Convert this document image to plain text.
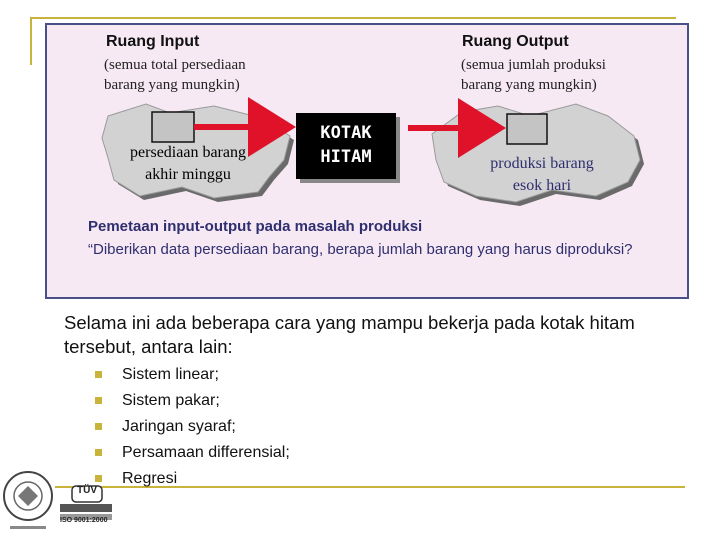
Ruang Input
(semua total persediaan
barang yang mungkin)
Ruang Output
(semua jumlah produksi
barang yang mungkin)
persediaan barang
akhir minggu
KOTAK
HITAM	produksi barang
esok hari
Pemetaan input-output pada masalah produksi
“Diberikan data persediaan barang, berapa jumlah barang yang harus diproduksi?
Selama ini ada beberapa cara yang mampu bekerja pada kotak hitam tersebut, antara lain:
Sistem linear;
Sistem pakar;
Jaringan syaraf;
Persamaan differensial;
Regresi
TÜV
ISO 9001:2000
